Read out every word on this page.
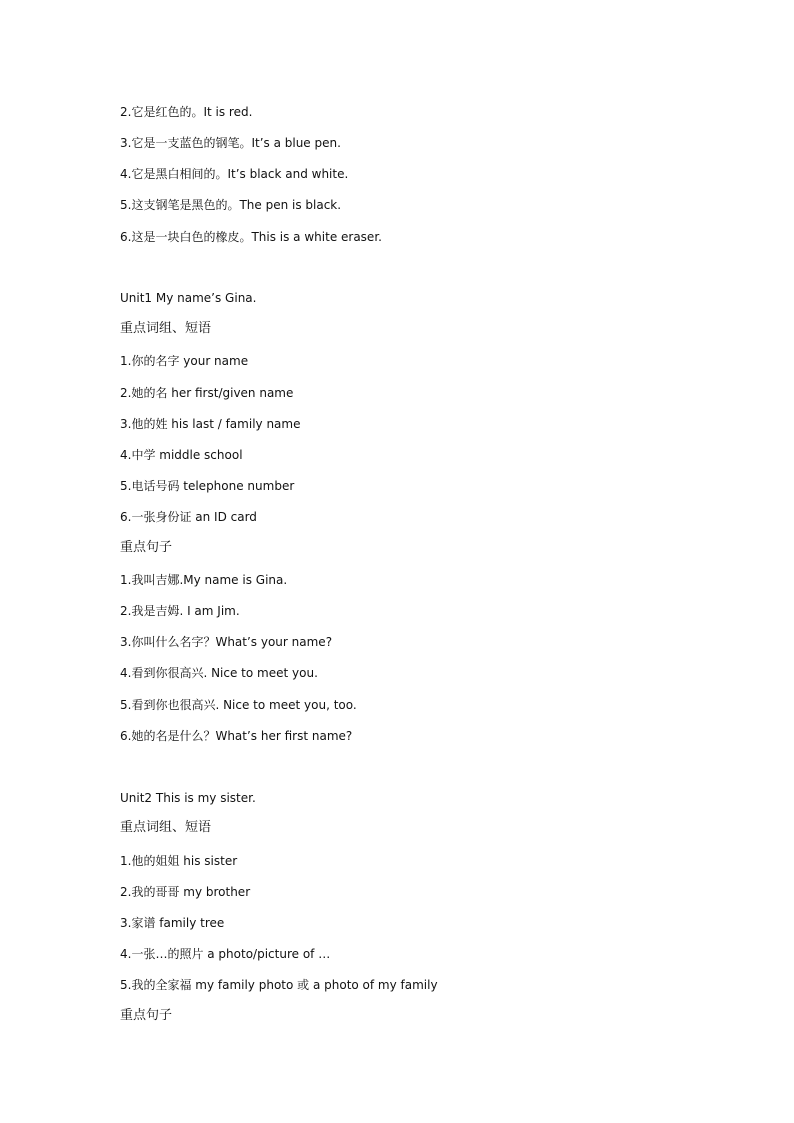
2.它是红色的。It is red.
3.它是一支蓝色的钢笔。It’s a blue pen.
4.它是黑白相间的。It’s black and white.
5.这支钢笔是黑色的。The pen is black.
6.这是一块白色的橡皮。This is a white eraser.
Unit1 My name’s Gina.
重点词组、短语
1.你的名字 your name
2.她的名 her first/given name
3.他的姓 his last / family name
4.中学 middle school
5.电话号码 telephone number
6.一张身份证 an ID card
重点句子
1.我叫吉娜.My name is Gina.
2.我是吉姆. I am Jim.
3.你叫什么名字？What’s your name?
4.看到你很高兴. Nice to meet you.
5.看到你也很高兴. Nice to meet you, too.
6.她的名是什么？What’s her first name?
Unit2 This is my sister.
重点词组、短语
1.他的姐姐 his sister
2.我的哥哥 my brother
3.家谱 family tree
4.一张…的照片 a photo/picture of …
5.我的全家福 my family photo 或 a photo of my family
重点句子
